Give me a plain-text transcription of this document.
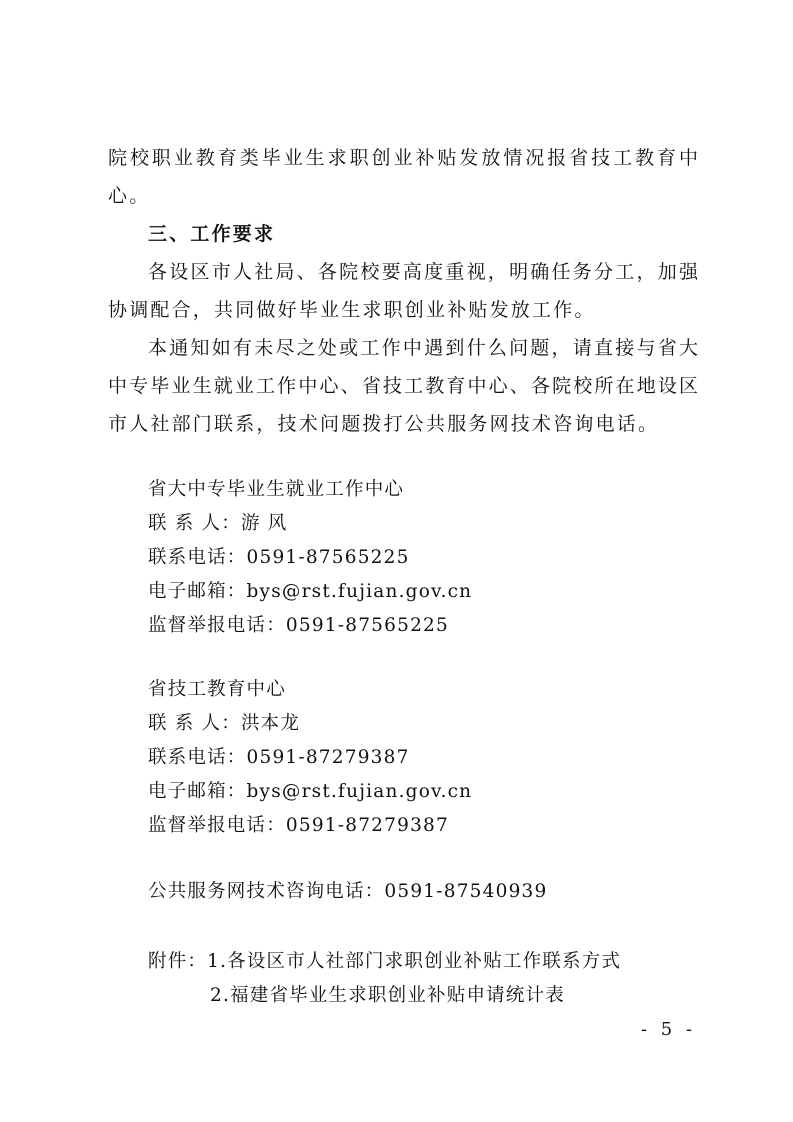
院校职业教育类毕业生求职创业补贴发放情况报省技工教育中
心。
三、工作要求
各设区市人社局、各院校要高度重视，明确任务分工，加强
协调配合，共同做好毕业生求职创业补贴发放工作。
本通知如有未尽之处或工作中遇到什么问题，请直接与省大
中专毕业生就业工作中心、省技工教育中心、各院校所在地设区
市人社部门联系，技术问题拨打公共服务网技术咨询电话。
省大中专毕业生就业工作中心
联 系 人：游 风
联系电话：0591-87565225
电子邮箱：bys@rst.fujian.gov.cn
监督举报电话：0591-87565225
省技工教育中心
联 系 人：洪本龙
联系电话：0591-87279387
电子邮箱：bys@rst.fujian.gov.cn
监督举报电话：0591-87279387
公共服务网技术咨询电话：0591-87540939
附件：1.各设区市人社部门求职创业补贴工作联系方式
2.福建省毕业生求职创业补贴申请统计表
- 5 -
